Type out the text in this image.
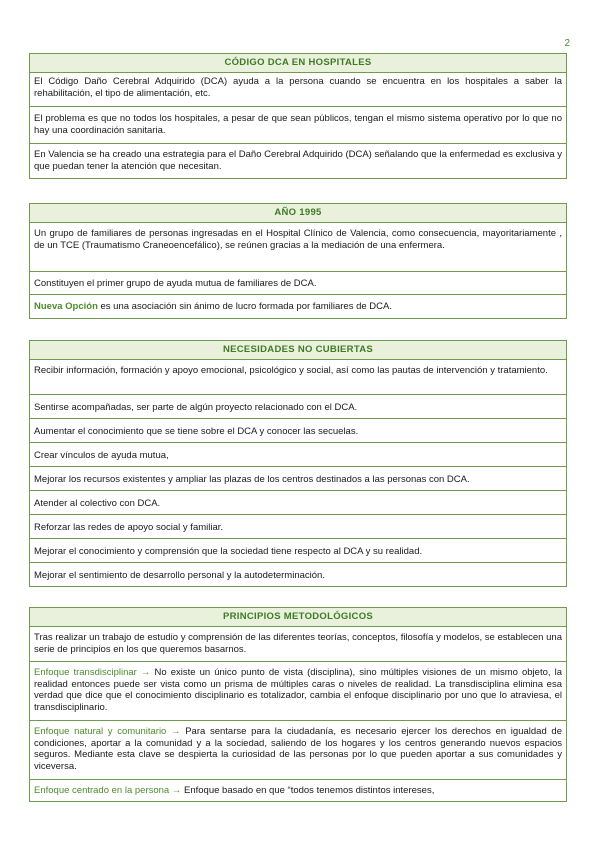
2
CÓDIGO DCA EN HOSPITALES
El Código Daño Cerebral Adquirido (DCA) ayuda a la persona cuando se encuentra en los hospitales a saber la rehabilitación, el tipo de alimentación, etc.
El problema es que no todos los hospitales, a pesar de que sean públicos, tengan el mismo sistema operativo por lo que no hay una coordinación sanitaria.
En Valencia se ha creado una estrategia para el Daño Cerebral Adquirido (DCA) señalando que la enfermedad es exclusiva y que puedan tener la atención que necesitan.
AÑO 1995
Un grupo de familiares de personas ingresadas en el Hospital Clínico de Valencia, como consecuencia, mayoritariamente , de un TCE (Traumatismo Craneoencefálico), se reúnen gracias a la mediación de una enfermera.
Constituyen el primer grupo de ayuda mutua de familiares de DCA.
Nueva Opción es una asociación sin ánimo de lucro formada por familiares de DCA.
NECESIDADES NO CUBIERTAS
Recibir información, formación y apoyo emocional, psicológico y social, así como las pautas de intervención y tratamiento.
Sentirse acompañadas, ser parte de algún proyecto relacionado con el DCA.
Aumentar el conocimiento que se tiene sobre el DCA y conocer las secuelas.
Crear vínculos de ayuda mutua,
Mejorar los recursos existentes y ampliar las plazas de los centros destinados a las personas con DCA.
Atender al colectivo con DCA.
Reforzar las redes de apoyo social y familiar.
Mejorar el conocimiento y comprensión que la sociedad tiene respecto al DCA y su realidad.
Mejorar el sentimiento de desarrollo personal y la autodeterminación.
PRINCIPIOS METODOLÓGICOS
Tras realizar un trabajo de estudio y comprensión de las diferentes teorías, conceptos, filosofía y modelos, se establecen una serie de principios en los que queremos basarnos.
Enfoque transdisciplinar → No existe un único punto de vista (disciplina), sino múltiples visiones de un mismo objeto, la realidad entonces puede ser vista como un prisma de múltiples caras o niveles de realidad. La transdisciplina elimina esa verdad que dice que el conocimiento disciplinario es totalizador, cambia el enfoque disciplinario por uno que lo atraviesa, el transdisciplinario.
Enfoque natural y comunitario → Para sentarse para la ciudadanía, es necesario ejercer los derechos en igualdad de condiciones, aportar a la comunidad y a la sociedad, saliendo de los hogares y los centros generando nuevos espacios seguros. Mediante esta clave se despierta la curiosidad de las personas por lo que pueden aportar a sus comunidades y viceversa.
Enfoque centrado en la persona → Enfoque basado en que “todos tenemos distintos intereses,
